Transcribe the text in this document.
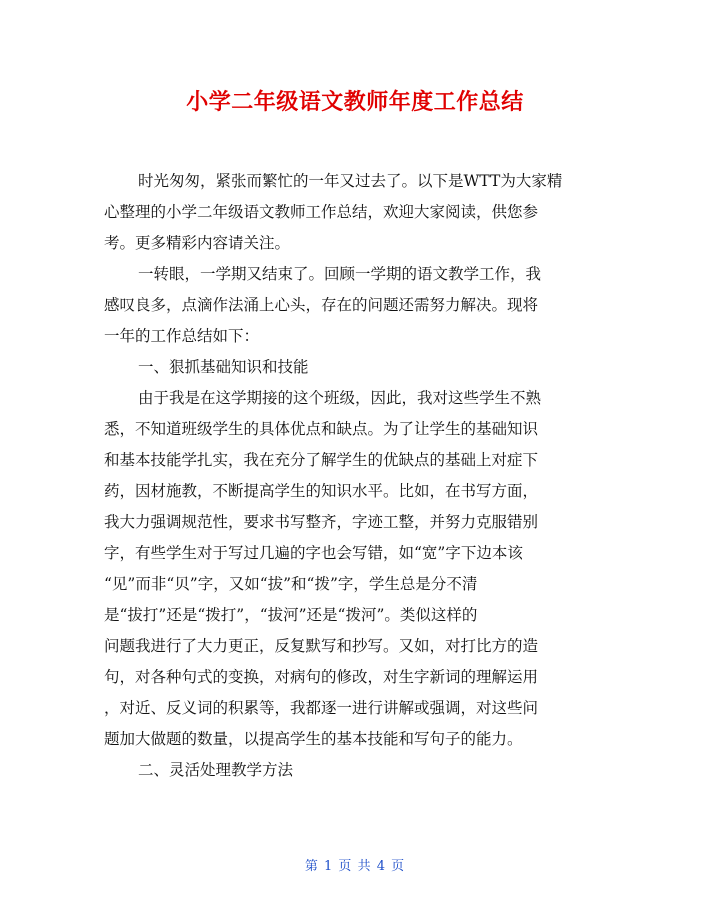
小学二年级语文教师年度工作总结
时光匆匆，紧张而繁忙的一年又过去了。以下是WTT为大家精
心整理的小学二年级语文教师工作总结，欢迎大家阅读，供您参
考。更多精彩内容请关注。
一转眼，一学期又结束了。回顾一学期的语文教学工作，我
感叹良多，点滴作法涌上心头，存在的问题还需努力解决。现将
一年的工作总结如下：
一、狠抓基础知识和技能
由于我是在这学期接的这个班级，因此，我对这些学生不熟
悉，不知道班级学生的具体优点和缺点。为了让学生的基础知识
和基本技能学扎实，我在充分了解学生的优缺点的基础上对症下
药，因材施教，不断提高学生的知识水平。比如，在书写方面，
我大力强调规范性，要求书写整齐，字迹工整，并努力克服错别
字，有些学生对于写过几遍的字也会写错，如“宽”字下边本该
“见”而非“贝”字，又如“拔”和“拨”字，学生总是分不清
是“拔打”还是“拨打”，“拔河”还是“拨河”。类似这样的
问题我进行了大力更正，反复默写和抄写。又如，对打比方的造
句，对各种句式的变换，对病句的修改，对生字新词的理解运用
，对近、反义词的积累等，我都逐一进行讲解或强调，对这些问
题加大做题的数量，以提高学生的基本技能和写句子的能力。
二、灵活处理教学方法
第 1 页 共 4 页
